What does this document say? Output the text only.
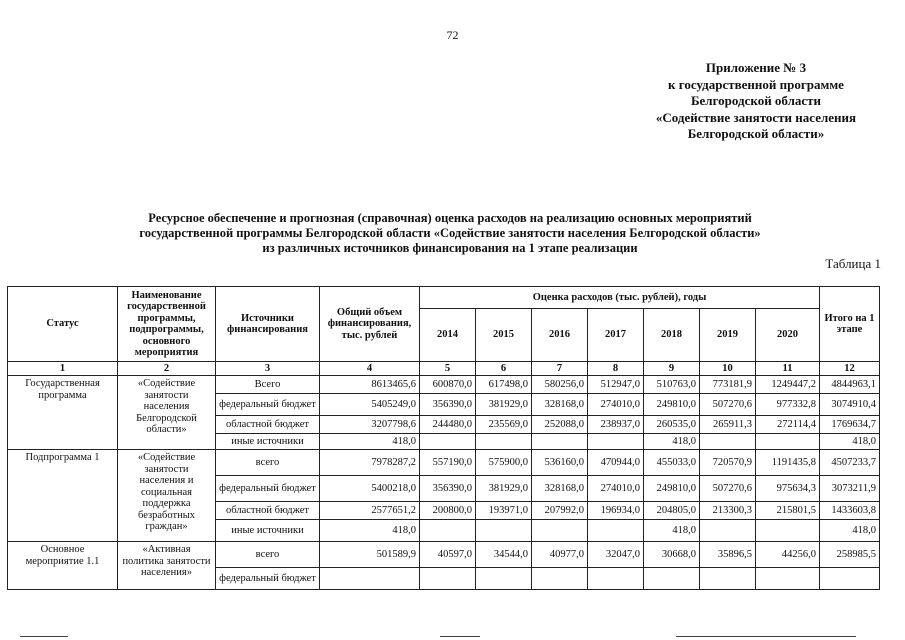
72
Приложение № 3
к государственной программе
Белгородской области
«Содействие занятости населения
Белгородской области»
Ресурсное обеспечение и прогнозная (справочная) оценка расходов на реализацию основных мероприятий
государственной программы Белгородской области «Содействие занятости населения Белгородской области»
из различных источников финансирования на 1 этапе реализации
Таблица 1
Статус	Наименование государственной программы, подпрограммы, основного мероприятия	Источники финансирования	Общий объем финансирования, тыс. рублей	Оценка расходов (тыс. рублей), годы							Итого на 1 этапе
				2014	2015	2016	2017	2018	2019	2020	
1	2	3	4	5	6	7	8	9	10	11	12
Государственная программа	«Содействие занятости населения Белгородской области»	Всего	8613465,6	600870,0	617498,0	580256,0	512947,0	510763,0	773181,9	1249447,2	4844963,1
		федеральный бюджет	5405249,0	356390,0	381929,0	328168,0	274010,0	249810,0	507270,6	977332,8	3074910,4
		областной бюджет	3207798,6	244480,0	235569,0	252088,0	238937,0	260535,0	265911,3	272114,4	1769634,7
		иные источники	418,0					418,0			418,0
Подпрограмма 1	«Содействие занятости населения и социальная поддержка безработных граждан»	всего	7978287,2	557190,0	575900,0	536160,0	470944,0	455033,0	720570,9	1191435,8	4507233,7
		федеральный бюджет	5400218,0	356390,0	381929,0	328168,0	274010,0	249810,0	507270,6	975634,3	3073211,9
		областной бюджет	2577651,2	200800,0	193971,0	207992,0	196934,0	204805,0	213300,3	215801,5	1433603,8
		иные источники	418,0					418,0			418,0
Основное мероприятие 1.1	«Активная политика занятости населения»	всего	501589,9	40597,0	34544,0	40977,0	32047,0	30668,0	35896,5	44256,0	258985,5
		федеральный бюджет									
